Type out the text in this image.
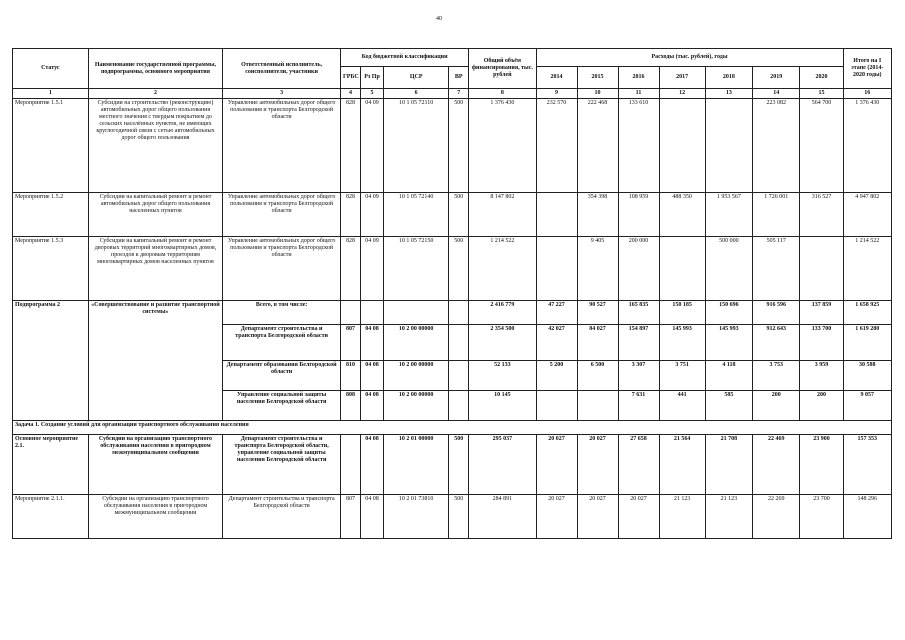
40
Статус	Наименование государственной программы, подпрограммы, основного мероприятия	Ответственный исполнитель, соисполнители, участники	Код бюджетной классификации				Общий объём финансирования, тыс. рублей	Расходы (тыс. рублей), годы							Итого на I этапе (2014-2020 годы)
			ГРБС	Рз Пр	ЦСР	ВР		2014	2015	2016	2017	2018	2019	2020	
1	2	3	4	5	6	7	8	9	10	11	12	13	14	15	16
Мероприятие 1.5.1	Субсидии на строительство (реконструкцию) автомобильных дорог общего пользования местного значения с твердым покрытием до сельских населённых пунктов, не имеющих круглогодичной связи с сетью автомобильных дорог общего пользования	Управление автомобильных дорог общего пользования и транспорта Белгородской области	828	04 09	10 1 05 72110	500	1 376 430	232 570	222 468	133 610			223 082	564 700	1 376 430
Мероприятие 1.5.2	Субсидии на капитальный ремонт и ремонт автомобильных дорог общего пользования населенных пунктов	Управление автомобильных дорог общего пользования и транспорта Белгородской области	828	04 09	10 1 05 72140	500	8 147 802		354 398	108 959	488 350	1 953 567	1 726 001	316 527	4 947 802
Мероприятие 1.5.3	Субсидии на капитальный ремонт и ремонт дворовых территорий многоквартирных домов, проездов к дворовым территориям многоквартирных домов населенных пунктов	Управление автомобильных дорог общего пользования и транспорта Белгородской области	828	04 09	10 1 05 72150	500	1 214 522		9 405	200 000		500 000	505 117		1 214 522
Подпрограмма 2	«Совершенствование и развитие транспортной системы»	Всего, в том числе:					2 416 779	47 227	90 527	165 835	150 185	150 696	916 596	137 859	1 658 925
		Департамент строительства и транспорта Белгородской области	807	04 08	10 2 00 00000		2 354 500	42 027	84 027	154 897	145 993	145 993	912 643	133 700	1 619 280
		Департамент образования Белгородской области	810	04 08	10 2 00 00000		52 133	5 200	6 500	3 307	3 751	4 118	3 753	3 959	30 588
		Управление социальной защиты населения Белгородской области	808	04 08	10 2 00 00000		10 145			7 631	441	585	200	200	9 057
Задача 1. Создание условий для организации транспортного обслуживания населения															
Основное мероприятие 2.1.	Субсидии на организацию транспортного обслуживания населения в пригородном межмуниципальном сообщении	Департамент строительства и транспорта Белгородской области, управление социальной защиты населения Белгородской области		04 08	10 2 01 00000	500	295 037	20 027	20 027	27 658	21 564	21 708	22 469	23 900	157 353
Мероприятие 2.1.1.	Субсидии на организацию транспортного обслуживания населения в пригородном межмуниципальном сообщении	Департамент строительства и транспорта Белгородской области	807	04 08	10 2 01 73810	500	284 891	20 027	20 027	20 027	21 123	21 123	22 269	23 700	148 296
